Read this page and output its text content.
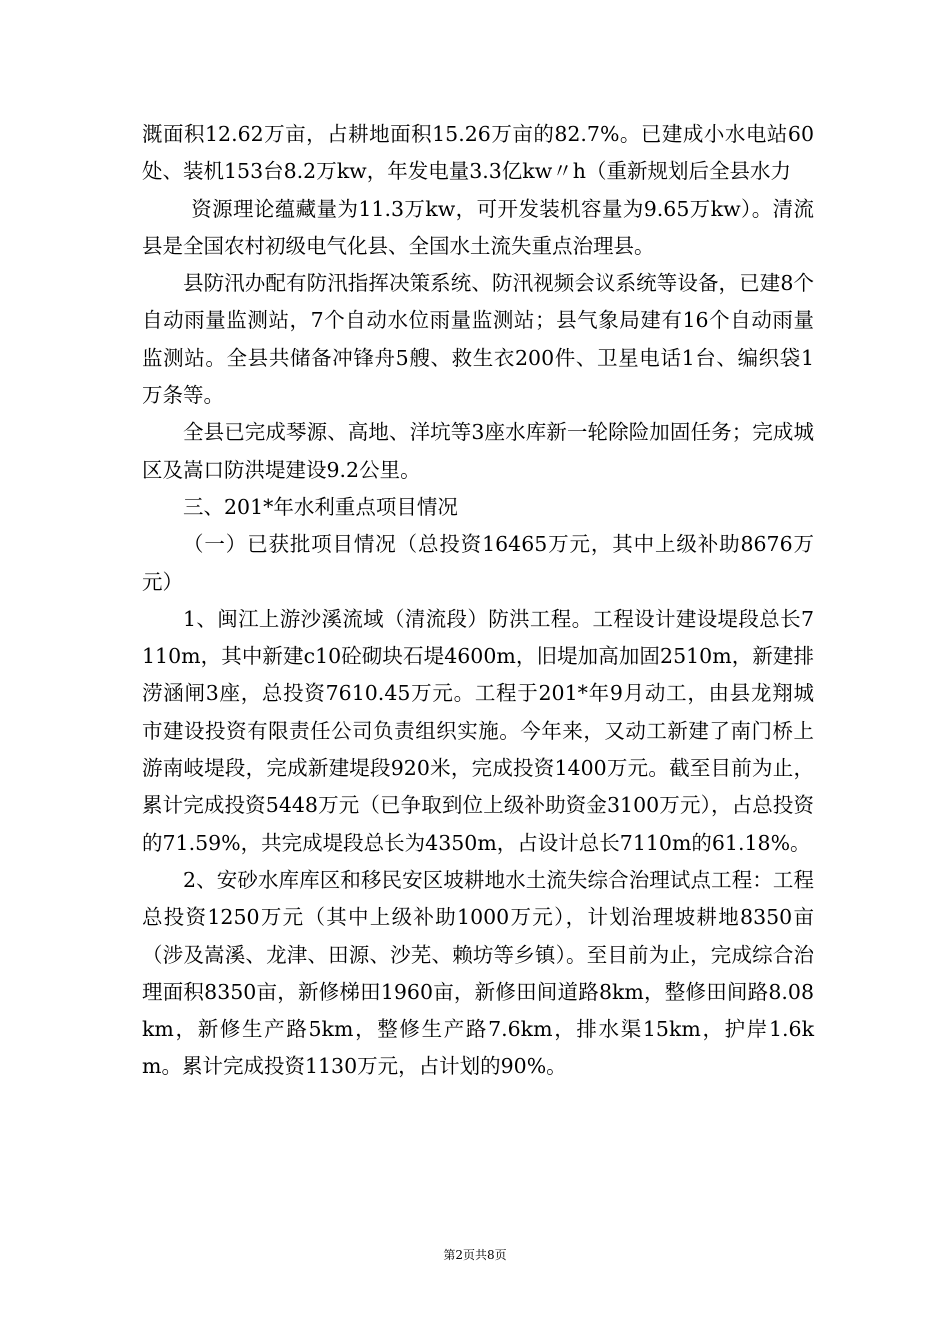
溉面积12.62万亩，占耕地面积15.26万亩的82.7%。已建成小水电站60处、装机153台8.2万kw，年发电量3.3亿kw〃h（重新规划后全县水力

资源理论蕴藏量为11.3万kw，可开发装机容量为9.65万kw）。清流县是全国农村初级电气化县、全国水土流失重点治理县。

县防汛办配有防汛指挥决策系统、防汛视频会议系统等设备，已建8个自动雨量监测站，7个自动水位雨量监测站；县气象局建有16个自动雨量监测站。全县共储备冲锋舟5艘、救生衣200件、卫星电话1台、编织袋1万条等。

全县已完成琴源、高地、洋坑等3座水库新一轮除险加固任务；完成城区及嵩口防洪堤建设9.2公里。

三、201*年水利重点项目情况

（一）已获批项目情况（总投资16465万元，其中上级补助8676万元）

1、闽江上游沙溪流域（清流段）防洪工程。工程设计建设堤段总长7110m，其中新建c10砼砌块石堤4600m，旧堤加高加固2510m，新建排涝涵闸3座，总投资7610.45万元。工程于201*年9月动工，由县龙翔城市建设投资有限责任公司负责组织实施。今年来，又动工新建了南门桥上游南岐堤段，完成新建堤段920米，完成投资1400万元。截至目前为止，累计完成投资5448万元（已争取到位上级补助资金3100万元），占总投资的71.59%，共完成堤段总长为4350m，占设计总长7110m的61.18%。

2、安砂水库库区和移民安区坡耕地水土流失综合治理试点工程：工程总投资1250万元（其中上级补助1000万元），计划治理坡耕地8350亩（涉及嵩溪、龙津、田源、沙芜、赖坊等乡镇）。至目前为止，完成综合治理面积8350亩，新修梯田1960亩，新修田间道路8km，整修田间路8.08km，新修生产路5km，整修生产路7.6km，排水渠15km，护岸1.6km。累计完成投资1130万元，占计划的90%。

第2页共8页
